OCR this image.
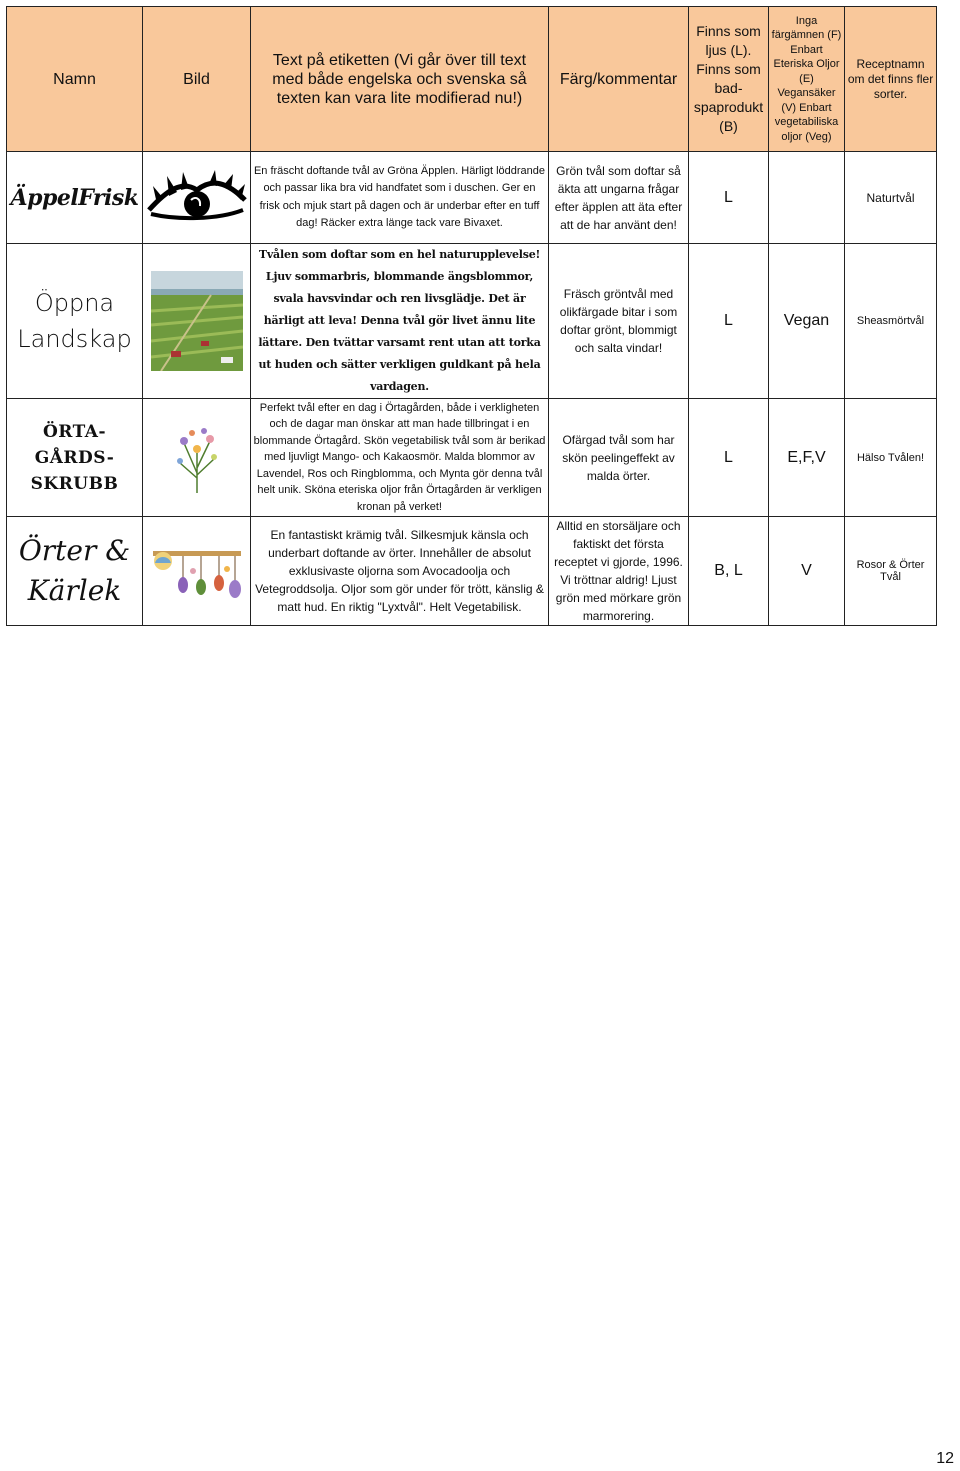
Namn	Bild	Text på etiketten (Vi går över till text med både engelska och svenska så texten kan vara lite modifierad nu!)	Färg/kommentar	Finns som ljus (L). Finns som bad-spaprodukt (B)	Inga färgämnen (F) Enbart Eteriska Oljor (E) Vegansäker (V) Enbart vegetabiliska oljor (Veg)	Receptnamn om det finns fler sorter.
ÄppelFrisk		En fräscht doftande tvål av Gröna Äpplen. Härligt löddrande och passar lika bra vid handfatet som i duschen. Ger en frisk och mjuk start på dagen och är underbar efter en tuff dag! Räcker extra länge tack vare Bivaxet.	Grön tvål som doftar så äkta att ungarna frågar efter äpplen att äta efter att de har använt den!	L		Naturtvål
Öppna Landskap		Tvålen som doftar som en hel naturupplevelse! Ljuv sommarbris, blommande ängsblommor, svala havsvindar och ren livsglädje. Det är härligt att leva! Denna tvål gör livet ännu lite lättare. Den tvättar varsamt rent utan att torka ut huden och sätter verkligen guldkant på hela vardagen.	Fräsch gröntvål med olikfärgade bitar i som doftar grönt, blommigt och salta vindar!	L	Vegan	Sheasmörtvål
ÖRTA-GÅRDS-SKRUBB		Perfekt tvål efter en dag i Örtagården, både i verkligheten och de dagar man önskar att man hade tillbringat i en blommande Örtagård. Skön vegetabilisk tvål som är berikad med ljuvligt Mango- och Kakaosmör. Malda blommor av Lavendel, Ros och Ringblomma, och Mynta gör denna tvål helt unik. Sköna eteriska oljor från Örtagården är verkligen kronan på verket!	Ofärgad tvål som har skön peelingeffekt av malda örter.	L	E,F,V	Hälso Tvålen!
Örter & Kärlek		En fantastiskt krämig tvål. Silkesmjuk känsla och underbart doftande av örter. Innehåller de absolut exklusivaste oljorna som Avocadoolja och Vetegroddsolja. Oljor som gör under för trött, känslig & matt hud. En riktig "Lyxtvål". Helt Vegetabilisk.	Alltid en storsäljare och faktiskt det första receptet vi gjorde, 1996. Vi tröttnar aldrig! Ljust grön med mörkare grön marmorering.	B, L	V	Rosor & Örter Tvål
12
